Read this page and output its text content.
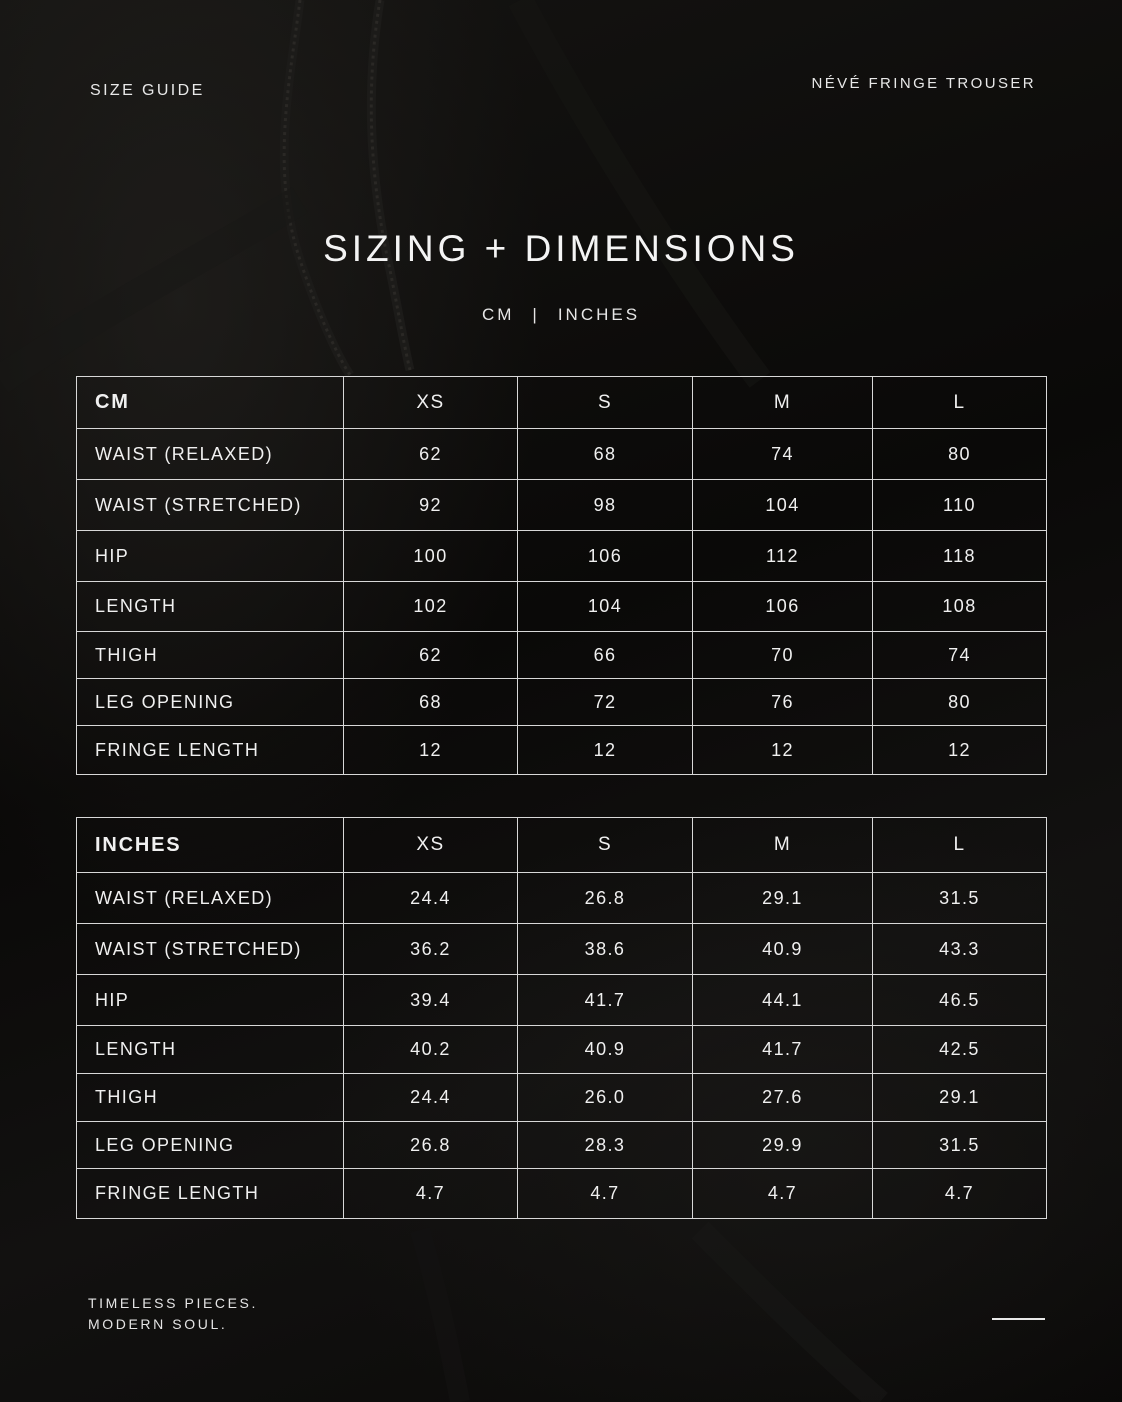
SIZE GUIDE	NÉVÉ FRINGE TROUSER
SIZING + DIMENSIONS
CM | INCHES
CM	XS	S	M	L
WAIST (RELAXED)	62	68	74	80
WAIST (STRETCHED)	92	98	104	110
HIP	100	106	112	118
LENGTH	102	104	106	108
THIGH	62	66	70	74
LEG OPENING	68	72	76	80
FRINGE LENGTH	12	12	12	12
INCHES	XS	S	M	L
WAIST (RELAXED)	24.4	26.8	29.1	31.5
WAIST (STRETCHED)	36.2	38.6	40.9	43.3
HIP	39.4	41.7	44.1	46.5
LENGTH	40.2	40.9	41.7	42.5
THIGH	24.4	26.0	27.6	29.1
LEG OPENING	26.8	28.3	29.9	31.5
FRINGE LENGTH	4.7	4.7	4.7	4.7
TIMELESS PIECES.
MODERN SOUL.
